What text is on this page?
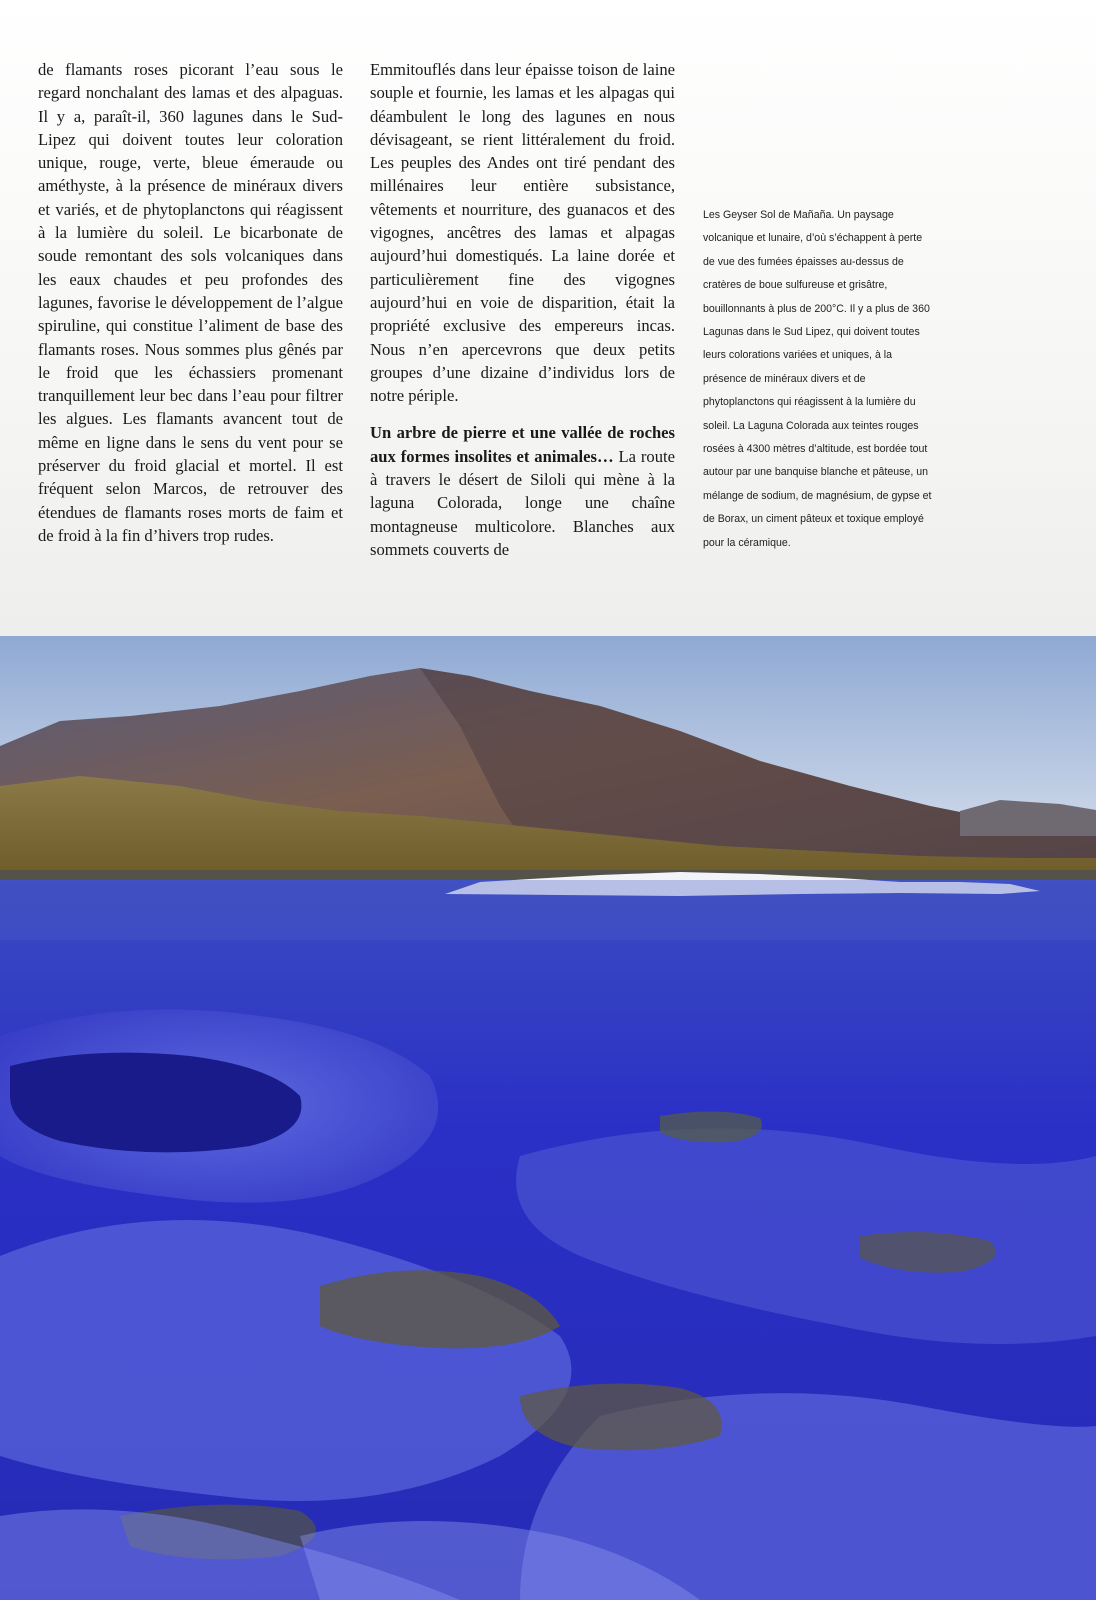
de flamants roses picorant l’eau sous le regard nonchalant des lamas et des alpaguas. Il y a, paraît-il, 360 lagunes dans le Sud-Lipez qui doivent toutes leur coloration unique, rouge, verte, bleue émeraude ou améthyste, à la présence de minéraux divers et variés, et de phytoplanctons qui réagissent à la lumière du soleil. Le bicarbonate de soude remontant des sols volcaniques dans les eaux chaudes et peu profondes des lagunes, favorise le développement de l’algue spiruline, qui constitue l’aliment de base des flamants roses. Nous sommes plus gênés par le froid que les échassiers promenant tranquillement leur bec dans l’eau pour filtrer les algues. Les flamants avancent tout de même en ligne dans le sens du vent pour se préserver du froid glacial et mortel. Il est fréquent selon Marcos, de retrouver des étendues de flamants roses morts de faim et de froid à la fin d’hivers trop rudes.

Emmitouflés dans leur épaisse toison de laine souple et fournie, les lamas et les alpagas qui déambulent le long des lagunes en nous dévisageant, se rient littéralement du froid. Les peuples des Andes ont tiré pendant des millénaires leur entière subsistance, vêtements et nourriture, des guanacos et des vigognes, ancêtres des lamas et alpagas aujourd’hui domestiqués. La laine dorée et particulièrement fine des vigognes aujourd’hui en voie de disparition, était la propriété exclusive des empereurs incas. Nous n’en apercevrons que deux petits groupes d’une dizaine d’individus lors de notre périple.

Un arbre de pierre et une vallée de roches aux formes insolites et animales… La route à travers le désert de Siloli qui mène à la laguna Colorada, longe une chaîne montagneuse multicolore. Blanches aux sommets couverts de

Les Geyser Sol de Mañaña. Un paysage volcanique et lunaire, d’où s’échappent à perte de vue des fumées épaisses au-dessus de cratères de boue sulfureuse et grisâtre, bouillonnants à plus de 200°C. Il y a plus de 360 Lagunas dans le Sud Lipez, qui doivent toutes leurs colorations variées et uniques, à la présence de minéraux divers et de phytoplanctons qui réagissent à la lumière du soleil. La Laguna Colorada aux teintes rouges rosées à 4300 mètres d’altitude, est bordée tout autour par une banquise blanche et pâteuse, un mélange de sodium, de magnésium, de gypse et de Borax, un ciment pâteux et toxique employé pour la céramique.
